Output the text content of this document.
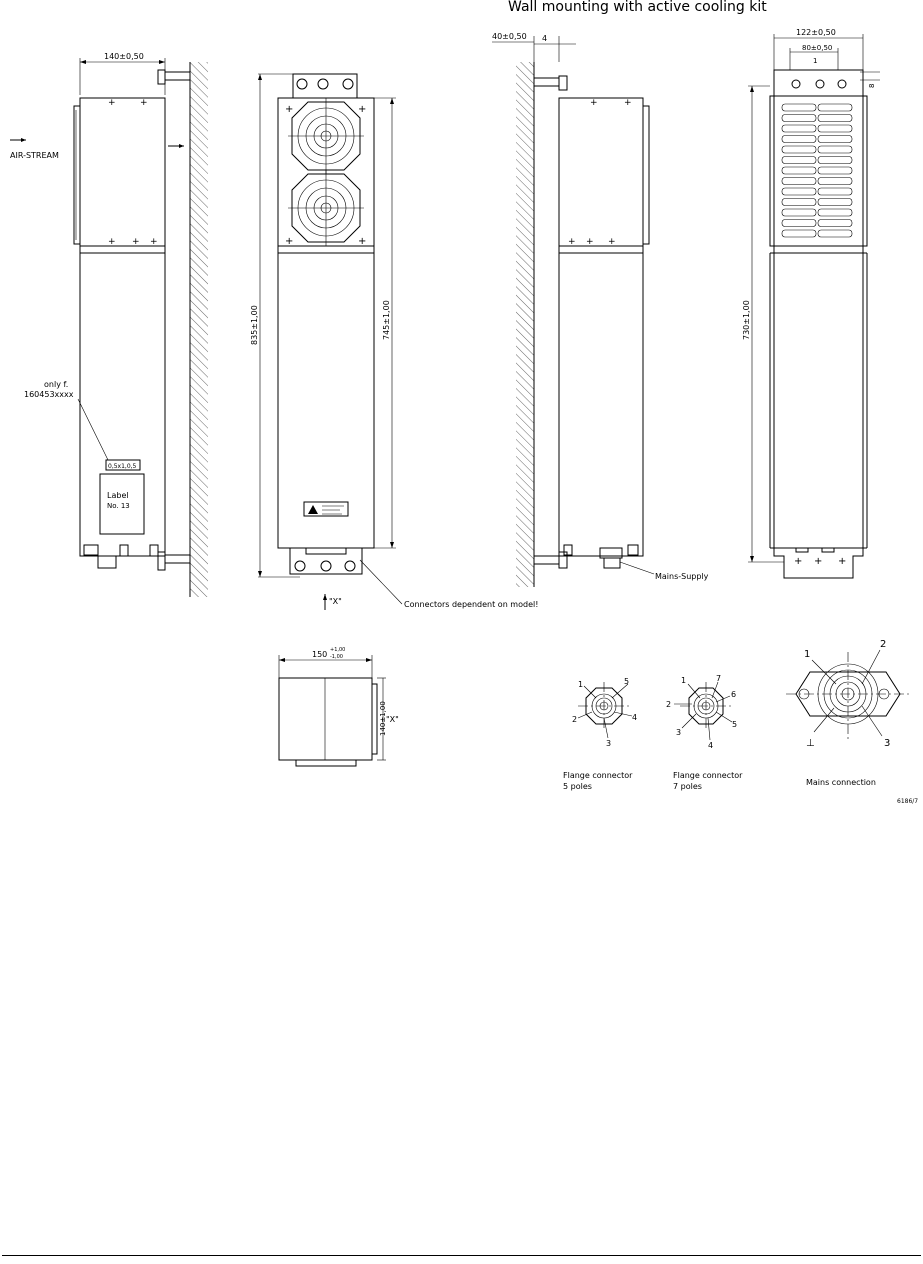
Wall mounting with active cooling kit
140±0,50
+	+
+ + +
AIR-STREAM
only f.
160453xxxx
0,5x1,0,5
Label
No. 13
+	+
+	+
835±1,00	745±1,00
"X"	Connectors dependent on model!
40±0,50 4
+ + +
+	+
Mains-Supply
122±0,50
80±0,50
1
8
+ + +
730±1,00
150 +1,00
-1,00
140±1,00 "X"
1	5
4
3
2
Flange connector
5 poles
1	7
6
5
4
3
2
Flange connector
7 poles
1
2
3
⊥
Mains connection
6186/7
